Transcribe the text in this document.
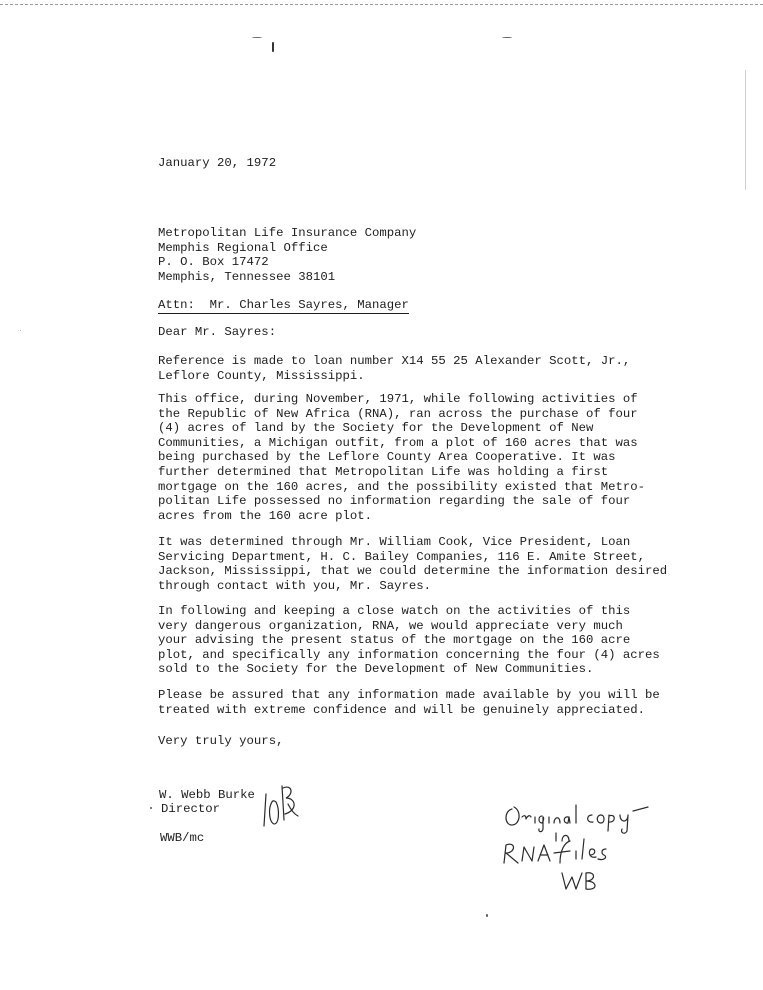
January 20, 1972
Metropolitan Life Insurance Company
Memphis Regional Office
P. O. Box 17472
Memphis, Tennessee 38101
Attn: Mr. Charles Sayres, Manager
Dear Mr. Sayres:
Reference is made to loan number X14 55 25 Alexander Scott, Jr.,
Leflore County, Mississippi.
This office, during November, 1971, while following activities of
the Republic of New Africa (RNA), ran across the purchase of four
(4) acres of land by the Society for the Development of New
Communities, a Michigan outfit, from a plot of 160 acres that was
being purchased by the Leflore County Area Cooperative. It was
further determined that Metropolitan Life was holding a first
mortgage on the 160 acres, and the possibility existed that Metro-
politan Life possessed no information regarding the sale of four
acres from the 160 acre plot.
It was determined through Mr. William Cook, Vice President, Loan
Servicing Department, H. C. Bailey Companies, 116 E. Amite Street,
Jackson, Mississippi, that we could determine the information desired
through contact with you, Mr. Sayres.
In following and keeping a close watch on the activities of this
very dangerous organization, RNA, we would appreciate very much
your advising the present status of the mortgage on the 160 acre
plot, and specifically any information concerning the four (4) acres
sold to the Society for the Development of New Communities.
Please be assured that any information made available by you will be
treated with extreme confidence and will be genuinely appreciated.
Very truly yours,
W. Webb Burke
Director
WWB/mc
